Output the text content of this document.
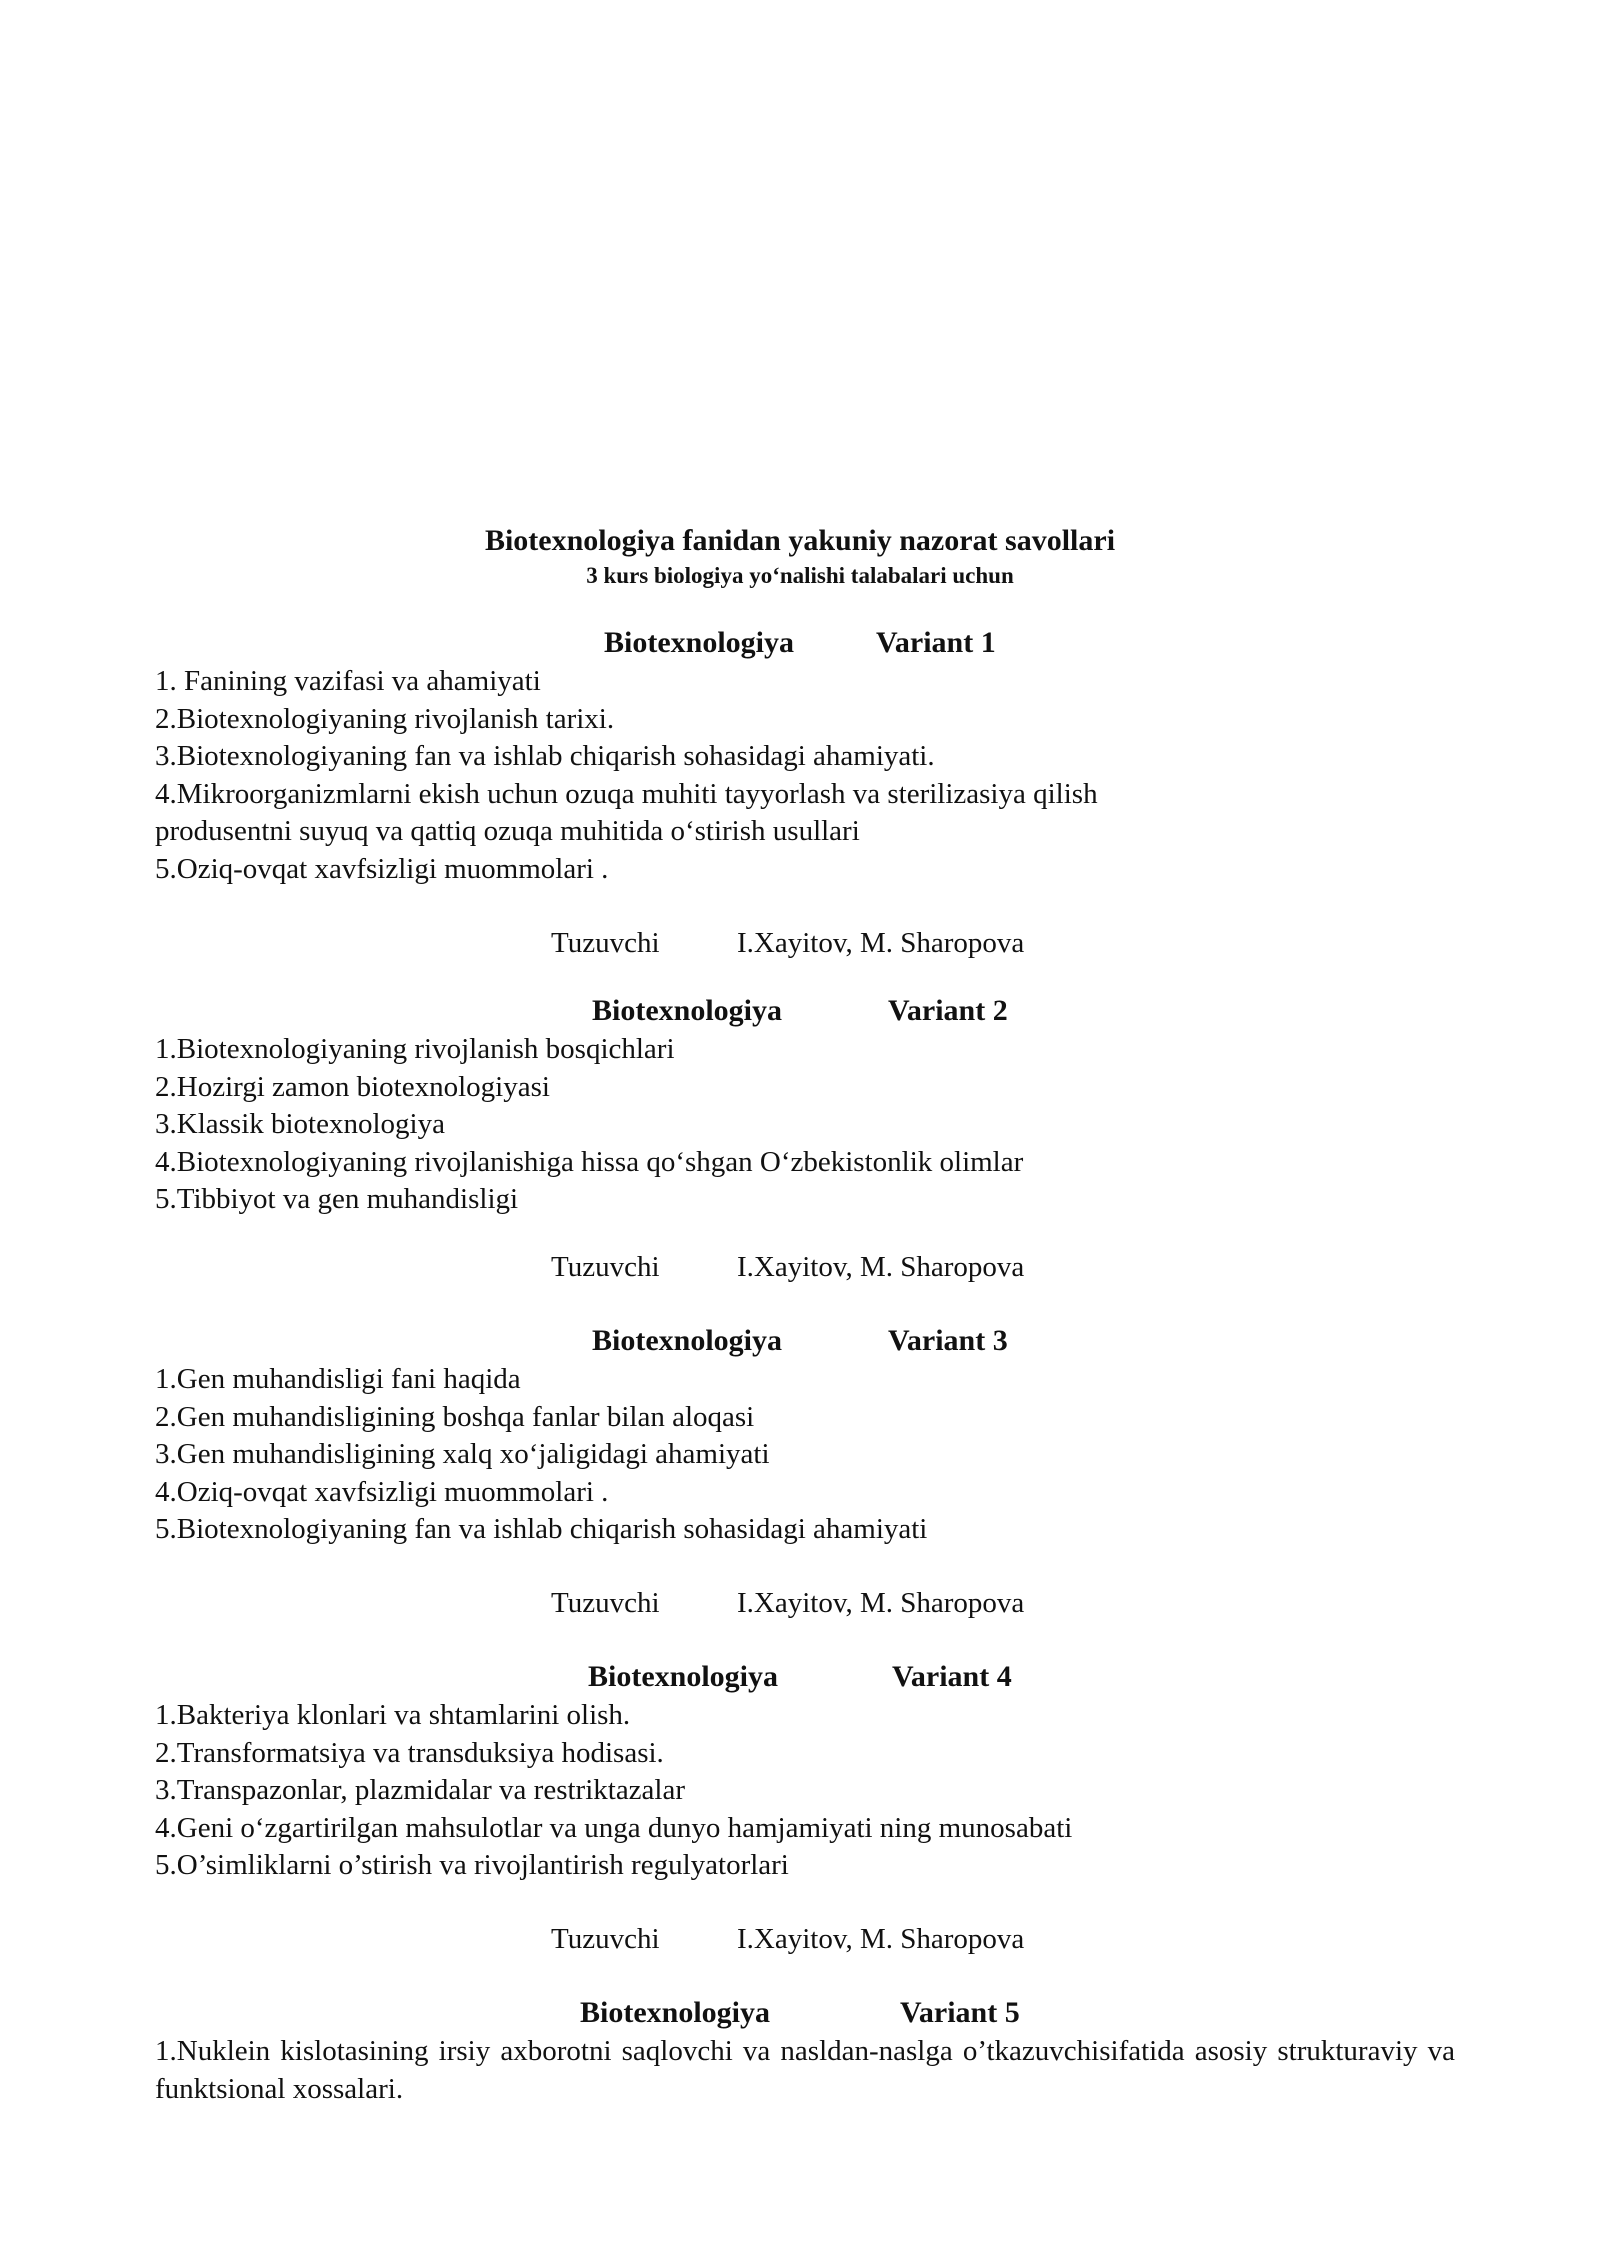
Biotexnologiya fanidan yakuniy nazorat savollari
3 kurs biologiya yo‘nalishi talabalari uchun
Biotexnologiya	Variant 1
1. Fanining vazifasi va ahamiyati
2.Biotexnologiyaning rivojlanish tarixi.
3.Biotexnologiyaning fan va ishlab chiqarish sohasidagi ahamiyati.
4.Mikroorganizmlarni ekish uchun ozuqa muhiti tayyorlash va sterilizasiya qilish produsentni suyuq va qattiq ozuqa muhitida o‘stirish usullari
5.Oziq-ovqat xavfsizligi muommolari .
Tuzuvchi	I.Xayitov, M. Sharopova
Biotexnologiya	Variant 2
1.Biotexnologiyaning rivojlanish bosqichlari
2.Hozirgi zamon biotexnologiyasi
3.Klassik biotexnologiya
4.Biotexnologiyaning rivojlanishiga hissa qo‘shgan O‘zbekistonlik olimlar
5.Tibbiyot va gen muhandisligi
Tuzuvchi	I.Xayitov, M. Sharopova
Biotexnologiya	Variant 3
1.Gen muhandisligi fani haqida
2.Gen muhandisligining boshqa fanlar bilan aloqasi
3.Gen muhandisligining xalq xo‘jaligidagi ahamiyati
4.Oziq-ovqat xavfsizligi muommolari .
5.Biotexnologiyaning fan va ishlab chiqarish sohasidagi ahamiyati
Tuzuvchi	I.Xayitov, M. Sharopova
Biotexnologiya	Variant 4
1.Bakteriya klonlari va shtamlarini olish.
2.Transformatsiya va transduksiya hodisasi.
3.Transpazonlar, plazmidalar va restriktazalar
4.Geni o‘zgartirilgan mahsulotlar va unga dunyo hamjamiyati ning munosabati
5.O’simliklarni o’stirish va rivojlantirish regulyatorlari
Tuzuvchi	I.Xayitov, M. Sharopova
Biotexnologiya	Variant 5
1.Nuklein kislotasining irsiy axborotni saqlovchi va nasldan-naslga o’tkazuvchisifatida asosiy strukturaviy va funktsional xossalari.
